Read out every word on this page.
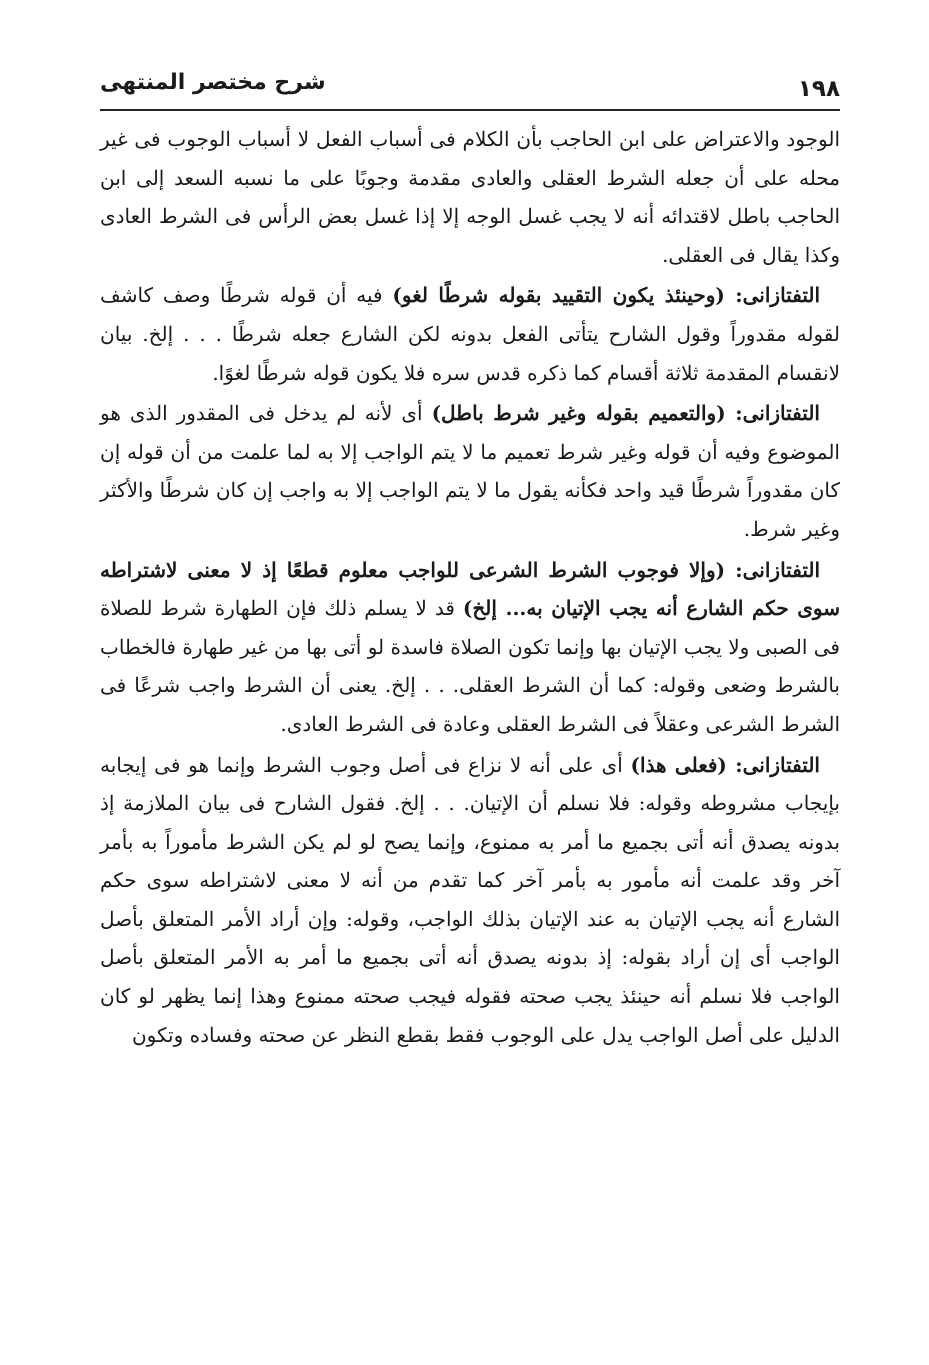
١٩٨
شرح مختصر المنتهى

الوجود والاعتراض على ابن الحاجب بأن الكلام فى أسباب الفعل لا أسباب الوجوب فى غير محله على أن جعله الشرط العقلى والعادى مقدمة وجوبًا على ما نسبه السعد إلى ابن الحاجب باطل لاقتدائه أنه لا يجب غسل الوجه إلا إذا غسل بعض الرأس فى الشرط العادى وكذا يقال فى العقلى.

التفتازانى: (وحينئذ يكون التقييد بقوله شرطًا لغو) فيه أن قوله شرطًا وصف كاشف لقوله مقدوراً وقول الشارح يتأتى الفعل بدونه لكن الشارع جعله شرطًا . . . إلخ. بيان لانقسام المقدمة ثلاثة أقسام كما ذكره قدس سره فلا يكون قوله شرطًا لغوًا.

التفتازانى: (والتعميم بقوله وغير شرط باطل) أى لأنه لم يدخل فى المقدور الذى هو الموضوع وفيه أن قوله وغير شرط تعميم ما لا يتم الواجب إلا به لما علمت من أن قوله إن كان مقدوراً شرطًا قيد واحد فكأنه يقول ما لا يتم الواجب إلا به واجب إن كان شرطًا والأكثر وغير شرط.

التفتازانى: (وإلا فوجوب الشرط الشرعى للواجب معلوم قطعًا إذ لا معنى لاشتراطه سوى حكم الشارع أنه يجب الإتيان به... إلخ) قد لا يسلم ذلك فإن الطهارة شرط للصلاة فى الصبى ولا يجب الإتيان بها وإنما تكون الصلاة فاسدة لو أتى بها من غير طهارة فالخطاب بالشرط وضعى وقوله: كما أن الشرط العقلى. . . إلخ. يعنى أن الشرط واجب شرعًا فى الشرط الشرعى وعقلاً فى الشرط العقلى وعادة فى الشرط العادى.

التفتازانى: (فعلى هذا) أى على أنه لا نزاع فى أصل وجوب الشرط وإنما هو فى إيجابه بإيجاب مشروطه وقوله: فلا نسلم أن الإتيان. . . إلخ. فقول الشارح فى بيان الملازمة إذ بدونه يصدق أنه أتى بجميع ما أمر به ممنوع، وإنما يصح لو لم يكن الشرط مأموراً به بأمر آخر وقد علمت أنه مأمور به بأمر آخر كما تقدم من أنه لا معنى لاشتراطه سوى حكم الشارع أنه يجب الإتيان به عند الإتيان بذلك الواجب، وقوله: وإن أراد الأمر المتعلق بأصل الواجب أى إن أراد بقوله: إذ بدونه يصدق أنه أتى بجميع ما أمر به الأمر المتعلق بأصل الواجب فلا نسلم أنه حينئذ يجب صحته فقوله فيجب صحته ممنوع وهذا إنما يظهر لو كان الدليل على أصل الواجب يدل على الوجوب فقط بقطع النظر عن صحته وفساده وتكون
